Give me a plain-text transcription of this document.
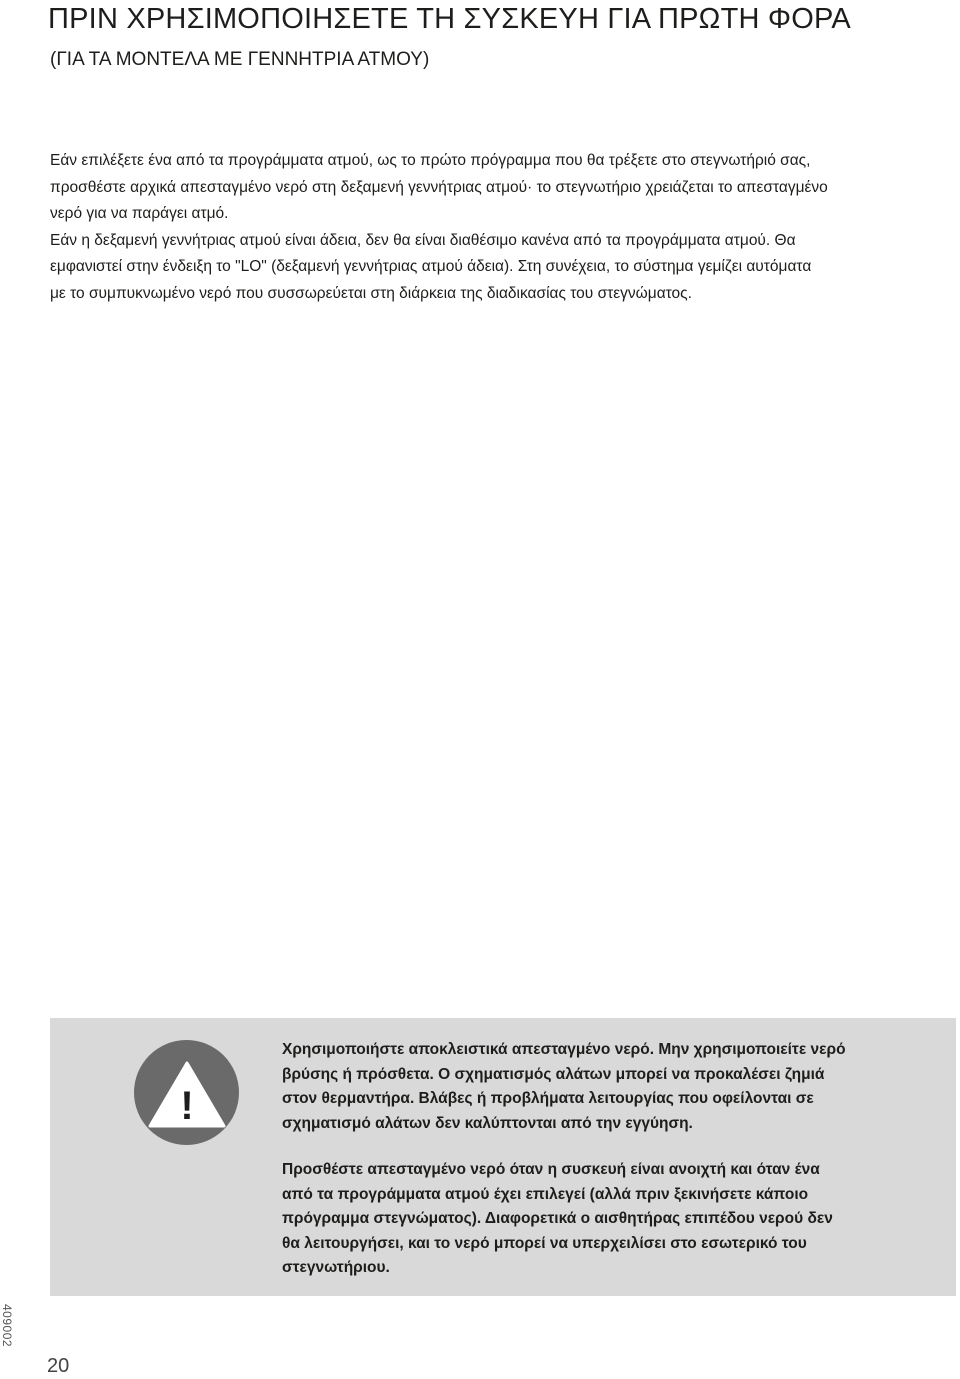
ΠΡΙΝ ΧΡΗΣΙΜΟΠΟΙΗΣΕΤΕ ΤΗ ΣΥΣΚΕΥΗ ΓΙΑ ΠΡΩΤΗ ΦΟΡΑ
(ΓΙΑ ΤΑ ΜΟΝΤΕΛΑ ΜΕ ΓΕΝΝΗΤΡΙΑ ΑΤΜΟΥ)
Εάν επιλέξετε ένα από τα προγράμματα ατμού, ως το πρώτο πρόγραμμα που θα τρέξετε στο στεγνωτήριό σας,
προσθέστε αρχικά απεσταγμένο νερό στη δεξαμενή γεννήτριας ατμού· το στεγνωτήριο χρειάζεται το απεσταγμένο
νερό για να παράγει ατμό.
Εάν η δεξαμενή γεννήτριας ατμού είναι άδεια, δεν θα είναι διαθέσιμο κανένα από τα προγράμματα ατμού. Θα
εμφανιστεί στην ένδειξη το "LO" (δεξαμενή γεννήτριας ατμού άδεια). Στη συνέχεια, το σύστημα γεμίζει αυτόματα
με το συμπυκνωμένο νερό που συσσωρεύεται στη διάρκεια της διαδικασίας του στεγνώματος.
!
Χρησιμοποιήστε αποκλειστικά απεσταγμένο νερό. Μην χρησιμοποιείτε νερό
βρύσης ή πρόσθετα. Ο σχηματισμός αλάτων μπορεί να προκαλέσει ζημιά
στον θερμαντήρα. Βλάβες ή προβλήματα λειτουργίας που οφείλονται σε
σχηματισμό αλάτων δεν καλύπτονται από την εγγύηση.
Προσθέστε απεσταγμένο νερό όταν η συσκευή είναι ανοιχτή και όταν ένα
από τα προγράμματα ατμού έχει επιλεγεί (αλλά πριν ξεκινήσετε κάποιο
πρόγραμμα στεγνώματος). Διαφορετικά ο αισθητήρας επιπέδου νερού δεν
θα λειτουργήσει, και το νερό μπορεί να υπερχειλίσει στο εσωτερικό του
στεγνωτήριου.
409002
20
